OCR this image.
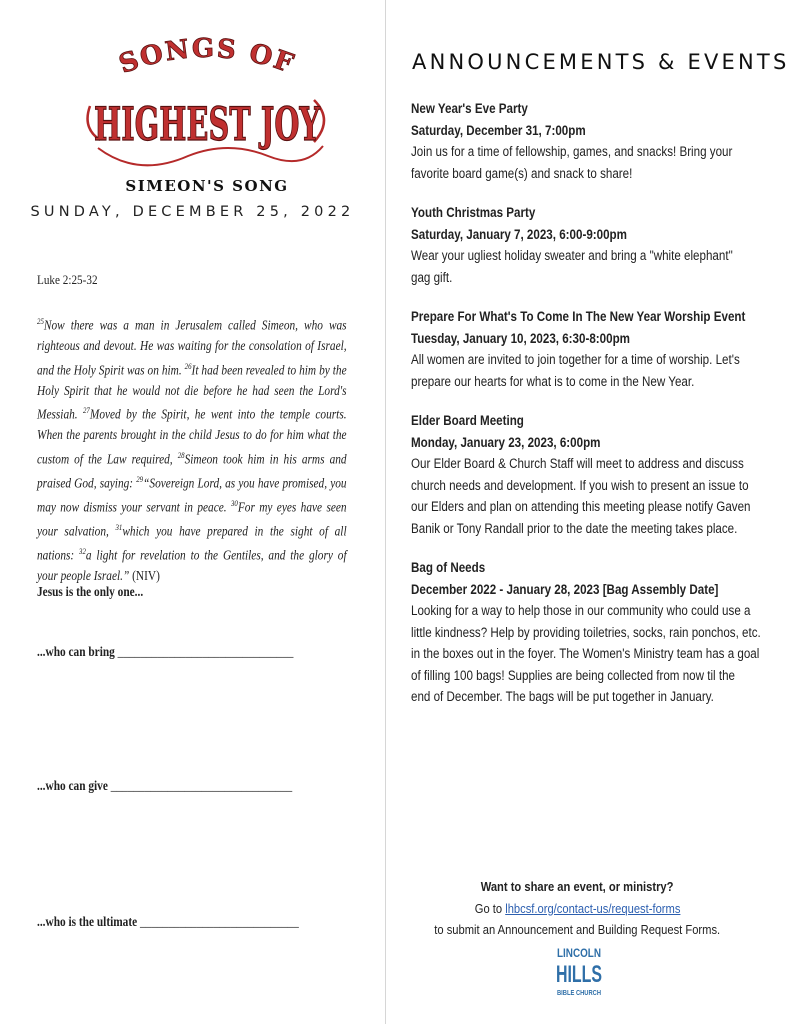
SONGS OF
HIGHEST JOY
SIMEON'S SONG
SUNDAY, DECEMBER 25, 2022
Luke 2:25-32

$^{25}$Now there was a man in Jerusalem called Simeon, who was righteous and devout. He was waiting for the consolation of Israel, and the Holy Spirit was on him. $^{26}$It had been revealed to him by the Holy Spirit that he would not die before he had seen the Lord's Messiah. $^{27}$Moved by the Spirit, he went into the temple courts. When the parents brought in the child Jesus to do for him what the custom of the Law required, $^{28}$Simeon took him in his arms and praised God, saying: $^{29}$“Sovereign Lord, as you have promised, you may now dismiss your servant in peace. $^{30}$For my eyes have seen your salvation, $^{31}$which you have prepared in the sight of all nations: $^{32}$a light for revelation to the Gentiles, and the glory of your people Israel.” (NIV)

Jesus is the only one...
...who can bring _______________________________
...who can give ________________________________
...who is the ultimate ____________________________
ANNOUNCEMENTS & EVENTS
New Year's Eve Party
Saturday, December 31, 7:00pm
Join us for a time of fellowship, games, and snacks! Bring your
favorite board game(s) and snack to share!
Youth Christmas Party
Saturday, January 7, 2023, 6:00-9:00pm
Wear your ugliest holiday sweater and bring a "white elephant"
gag gift.
Prepare For What's To Come In The New Year Worship Event
Tuesday, January 10, 2023, 6:30-8:00pm
All women are invited to join together for a time of worship. Let's
prepare our hearts for what is to come in the New Year.
Elder Board Meeting
Monday, January 23, 2023, 6:00pm
Our Elder Board & Church Staff will meet to address and discuss
church needs and development. If you wish to present an issue to
our Elders and plan on attending this meeting please notify Gaven
Banik or Tony Randall prior to the date the meeting takes place.
Bag of Needs
December 2022 - January 28, 2023 [Bag Assembly Date]
Looking for a way to help those in our community who could use a
little kindness? Help by providing toiletries, socks, rain ponchos, etc.
in the boxes out in the foyer. The Women's Ministry team has a goal
of filling 100 bags! Supplies are being collected from now til the
end of December. The bags will be put together in January.
Want to share an event, or ministry?
Go to lhbcsf.org/contact-us/request-forms
to submit an Announcement and Building Request Forms.
LINCOLN
HILLS
BIBLE CHURCH
